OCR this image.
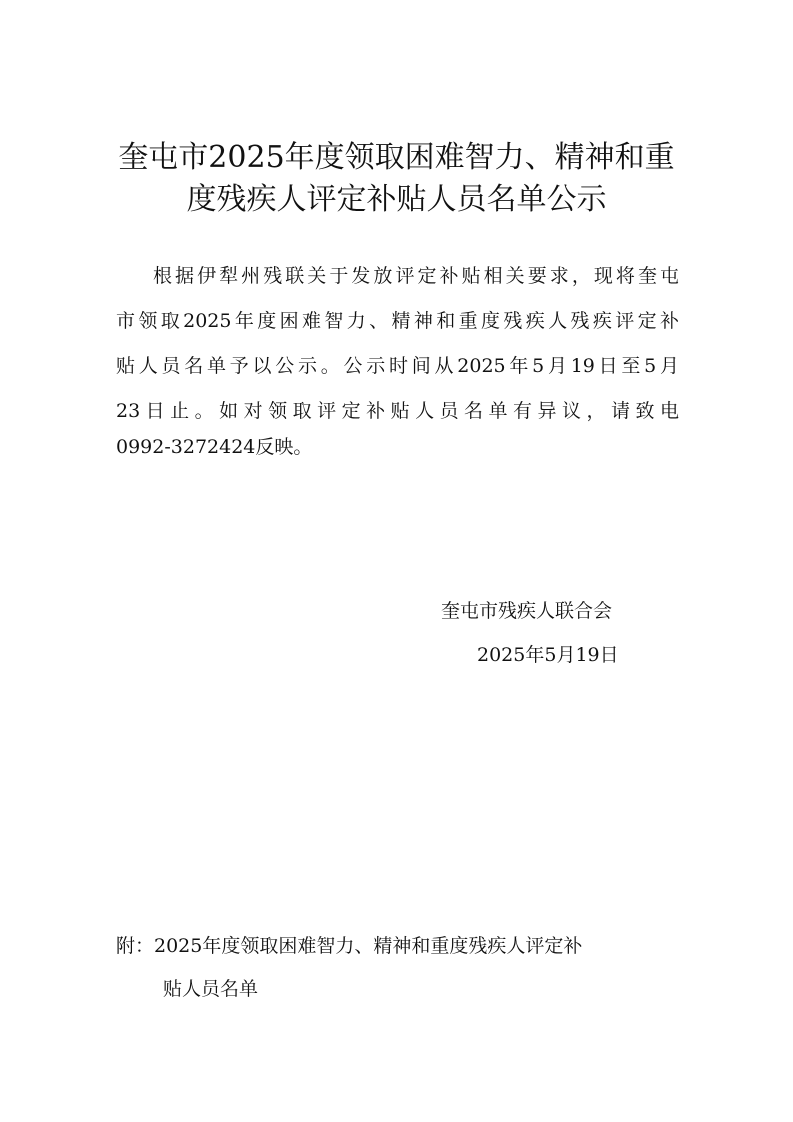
奎屯市2025年度领取困难智力、精神和重
度残疾人评定补贴人员名单公示
根据伊犁州残联关于发放评定补贴相关要求，现将奎屯
市领取2025年度困难智力、精神和重度残疾人残疾评定补
贴人员名单予以公示。公示时间从2025年5月19日至5月
23日止。如对领取评定补贴人员名单有异议，请致电
0992-3272424反映。
奎屯市残疾人联合会
2025年5月19日
附：2025年度领取困难智力、精神和重度残疾人评定补
贴人员名单
